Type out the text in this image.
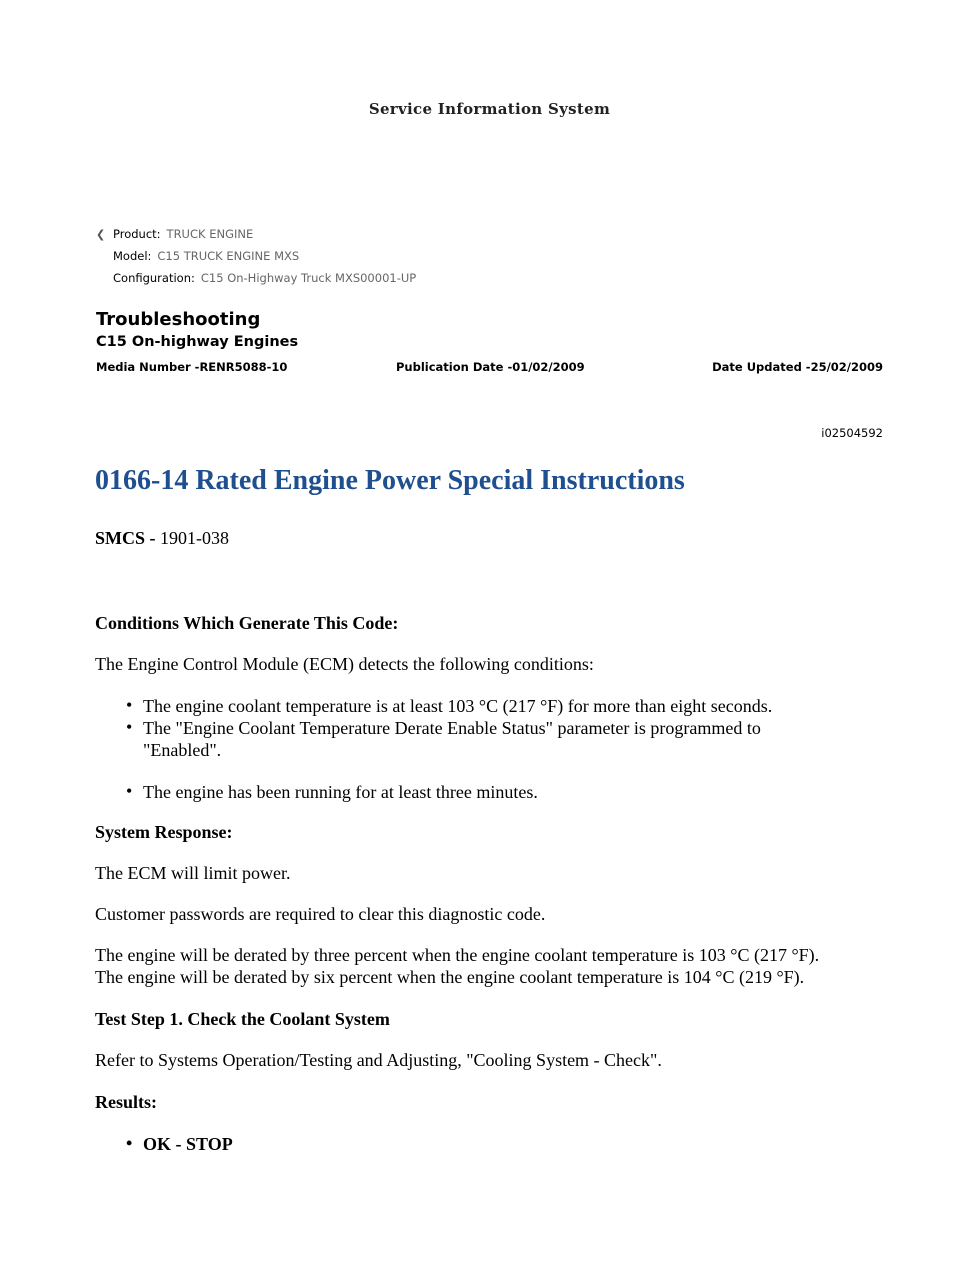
Service Information System
❮ Product: TRUCK ENGINE
Model: C15 TRUCK ENGINE MXS
Configuration: C15 On-Highway Truck MXS00001-UP
Troubleshooting
C15 On-highway Engines
Media Number -RENR5088-10	Publication Date -01/02/2009	Date Updated -25/02/2009
i02504592
0166-14 Rated Engine Power Special Instructions
SMCS - 1901-038
Conditions Which Generate This Code:
The Engine Control Module (ECM) detects the following conditions:
• The engine coolant temperature is at least 103 °C (217 °F) for more than eight seconds.
• The "Engine Coolant Temperature Derate Enable Status" parameter is programmed to
"Enabled".
• The engine has been running for at least three minutes.
System Response:
The ECM will limit power.
Customer passwords are required to clear this diagnostic code.
The engine will be derated by three percent when the engine coolant temperature is 103 °C (217 °F).
The engine will be derated by six percent when the engine coolant temperature is 104 °C (219 °F).
Test Step 1. Check the Coolant System
Refer to Systems Operation/Testing and Adjusting, "Cooling System - Check".
Results:
• OK - STOP
